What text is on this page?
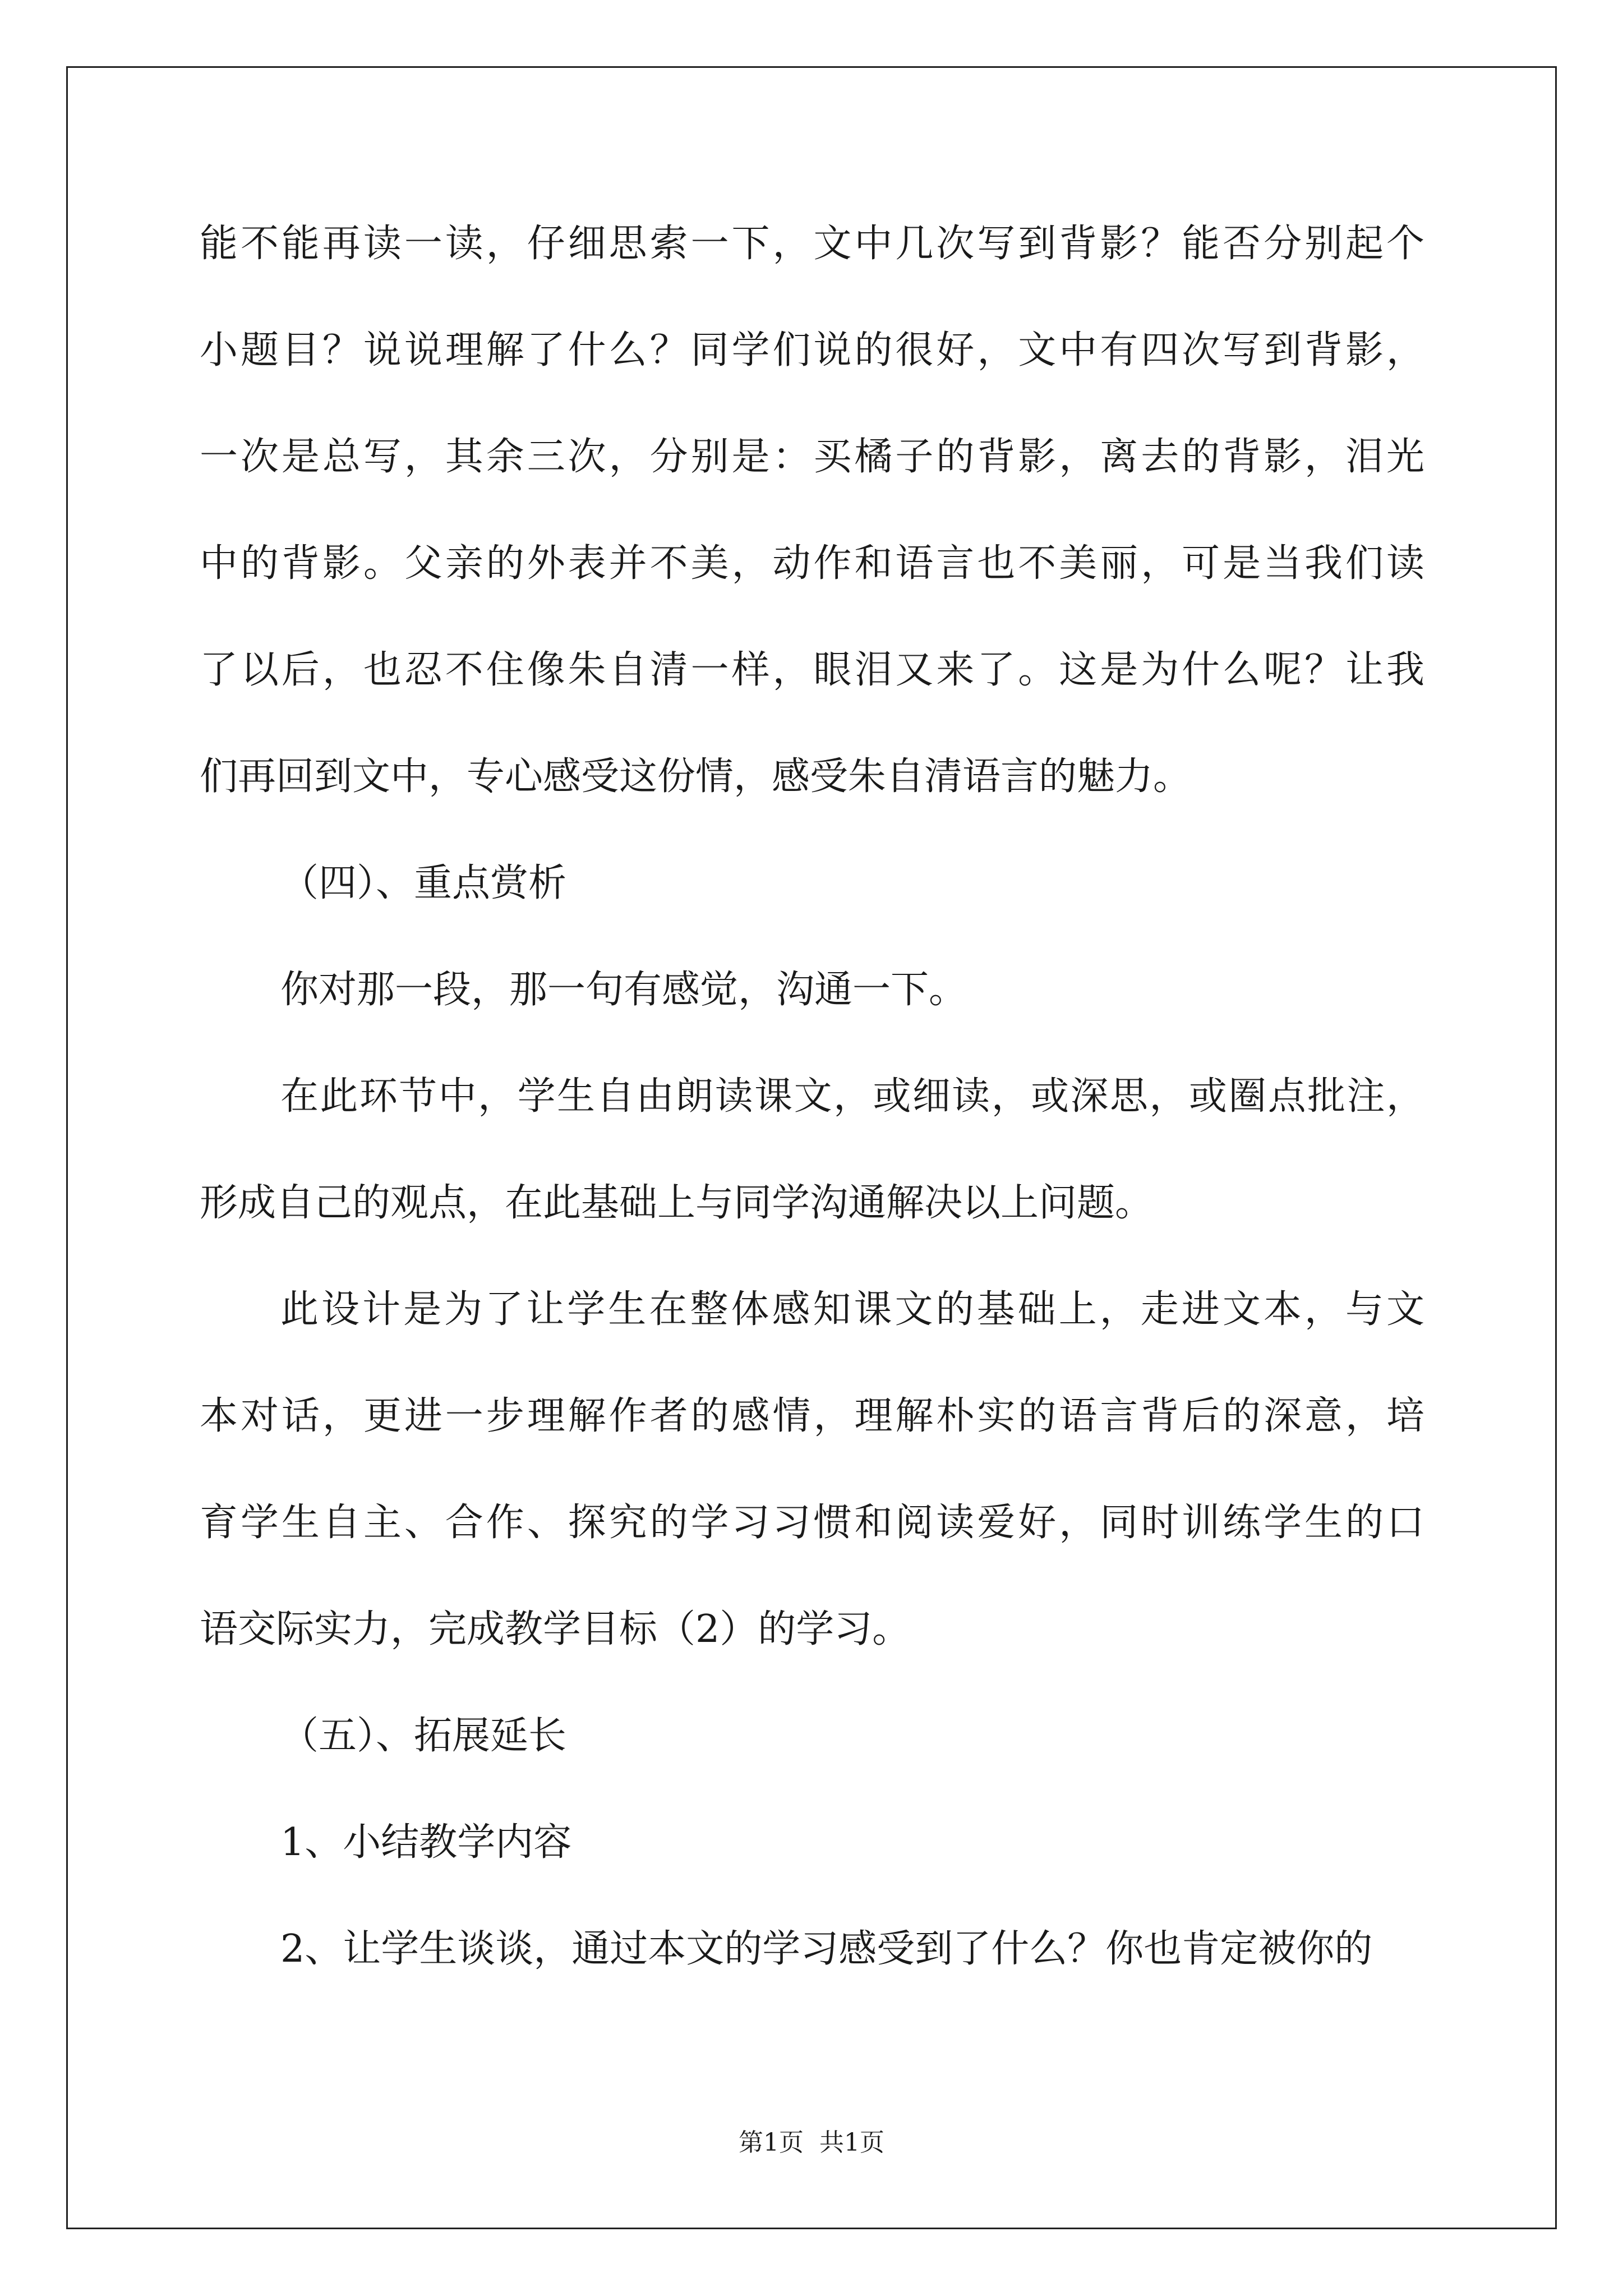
能不能再读一读，仔细思索一下，文中几次写到背影？能否分别起个

小题目？说说理解了什么？同学们说的很好，文中有四次写到背影，

一次是总写，其余三次，分别是：买橘子的背影，离去的背影，泪光

中的背影。父亲的外表并不美，动作和语言也不美丽，可是当我们读

了以后，也忍不住像朱自清一样，眼泪又来了。这是为什么呢？让我

们再回到文中，专心感受这份情，感受朱自清语言的魅力。

（四）、重点赏析

你对那一段，那一句有感觉，沟通一下。

在此环节中，学生自由朗读课文，或细读，或深思，或圈点批注，

形成自己的观点，在此基础上与同学沟通解决以上问题。

此设计是为了让学生在整体感知课文的基础上，走进文本，与文

本对话，更进一步理解作者的感情，理解朴实的语言背后的深意，培

育学生自主、合作、探究的学习习惯和阅读爱好，同时训练学生的口

语交际实力，完成教学目标（2）的学习。

（五）、拓展延长

1、小结教学内容

2、让学生谈谈，通过本文的学习感受到了什么？你也肯定被你的

第1页 共1页
